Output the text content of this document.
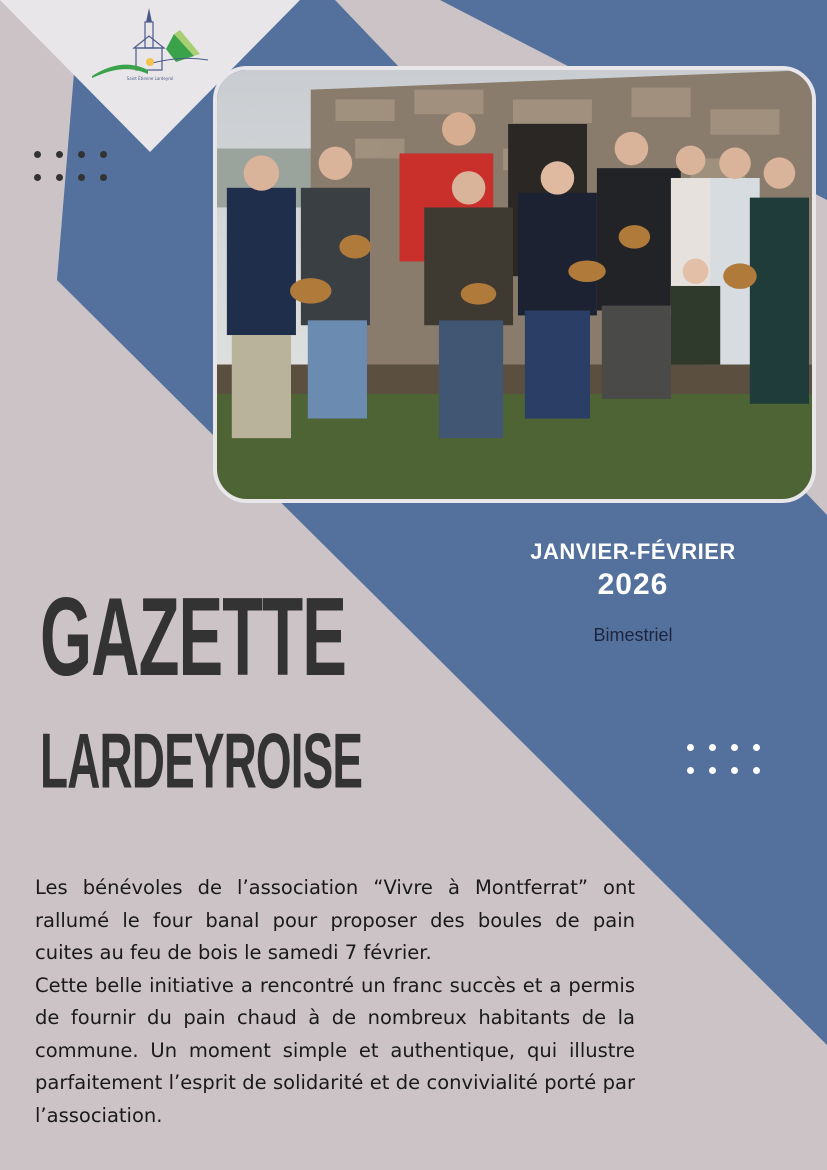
Saint Étienne Lardeyrol
JANVIER-FÉVRIER
2026
Bimestriel
GAZETTE
LARDEYROISE

Les bénévoles de l’association “Vivre à Montferrat” ont rallumé le four banal pour proposer des boules de pain cuites au feu de bois le samedi 7 février.

Cette belle initiative a rencontré un franc succès et a permis de fournir du pain chaud à de nombreux habitants de la commune. Un moment simple et authentique, qui illustre parfaitement l’esprit de solidarité et de convivialité porté par l’association.
